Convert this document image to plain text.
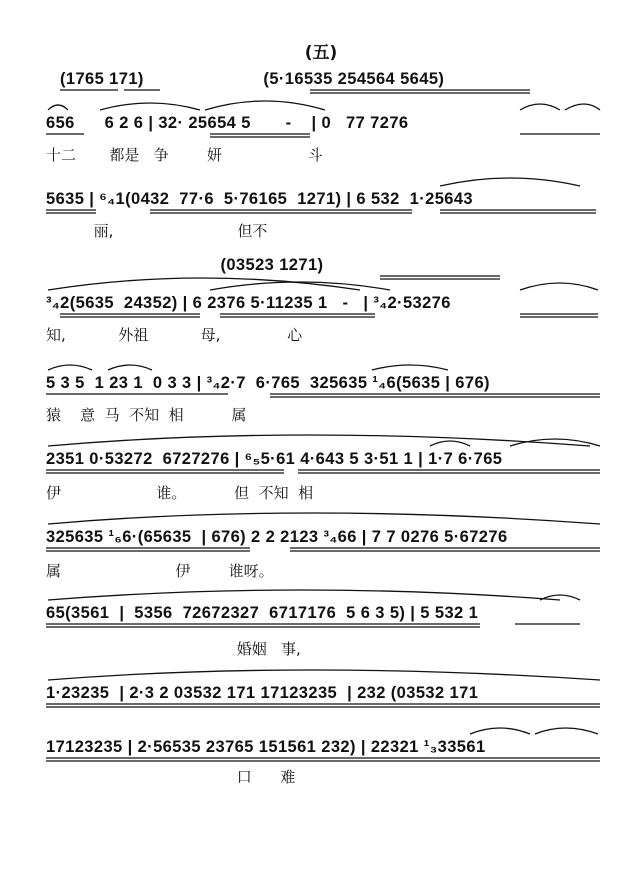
(五)
(1765 171)                        (5·16535 254564 5645)
656      6 2 6 | 32· 25654 5       -    | 0   77 7276
十二       都是   争        妍                  斗
5635 | ⁶₄1(0432  77·6  5·76165  1271) | 6 532  1·25643
丽,                          但不
(03523 1271)
³₄2(5635  24352) | 6 2376 5·11235 1   -   | ³₄2·53276
知,           外祖           母,              心
5 3 5  1 23 1  0 3 3 | ³₄2·7  6·765  325635 ¹₄6(5635 | 676)
猿    意  马  不知  相          属
2351 0·53272  6727276 | ⁶₅5·61 4·643 5 3·51 1 | 1·7 6·765
伊                    谁。          但  不知  相
325635 ¹₆6·(65635  | 676) 2 2 2123 ³₄66 | 7 7 0276 5·67276
属                        伊        谁呀。
65(3561  |  5356  72672327  6717176  5 6 3 5) | 5 532 1
婚姻   事,
1·23235  | 2·3 2 03532 171 17123235  | 232 (03532 171
17123235 | 2·56535 23765 151561 232) | 22321 ¹₃33561
口      难
